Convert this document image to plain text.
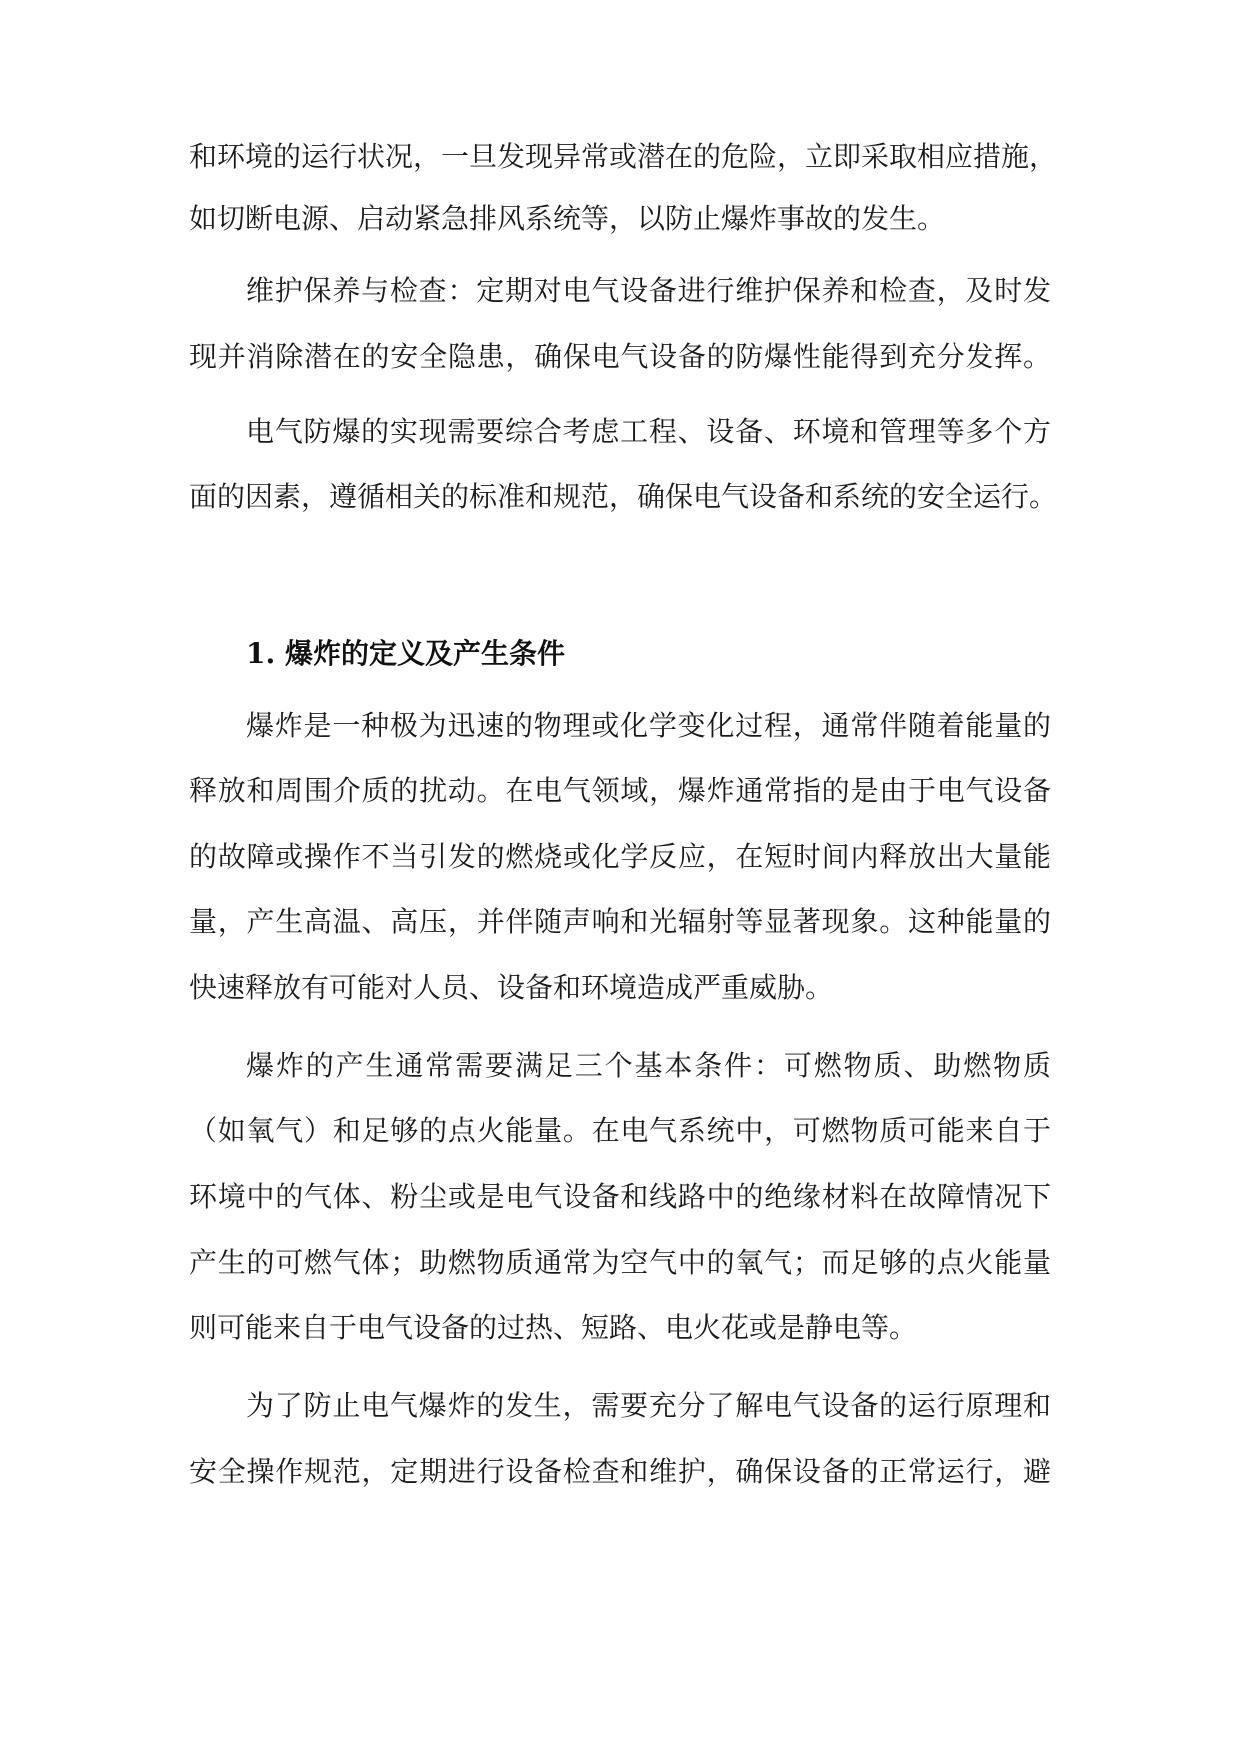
和环境的运行状况，一旦发现异常或潜在的危险，立即采取相应措施，
如切断电源、启动紧急排风系统等，以防止爆炸事故的发生。
维护保养与检查：定期对电气设备进行维护保养和检查，及时发
现并消除潜在的安全隐患，确保电气设备的防爆性能得到充分发挥。
电气防爆的实现需要综合考虑工程、设备、环境和管理等多个方
面的因素，遵循相关的标准和规范，确保电气设备和系统的安全运行。
1. 爆炸的定义及产生条件
爆炸是一种极为迅速的物理或化学变化过程，通常伴随着能量的
释放和周围介质的扰动。在电气领域，爆炸通常指的是由于电气设备
的故障或操作不当引发的燃烧或化学反应，在短时间内释放出大量能
量，产生高温、高压，并伴随声响和光辐射等显著现象。这种能量的
快速释放有可能对人员、设备和环境造成严重威胁。
爆炸的产生通常需要满足三个基本条件：可燃物质、助燃物质
（如氧气）和足够的点火能量。在电气系统中，可燃物质可能来自于
环境中的气体、粉尘或是电气设备和线路中的绝缘材料在故障情况下
产生的可燃气体；助燃物质通常为空气中的氧气；而足够的点火能量
则可能来自于电气设备的过热、短路、电火花或是静电等。
为了防止电气爆炸的发生，需要充分了解电气设备的运行原理和
安全操作规范，定期进行设备检查和维护，确保设备的正常运行，避
